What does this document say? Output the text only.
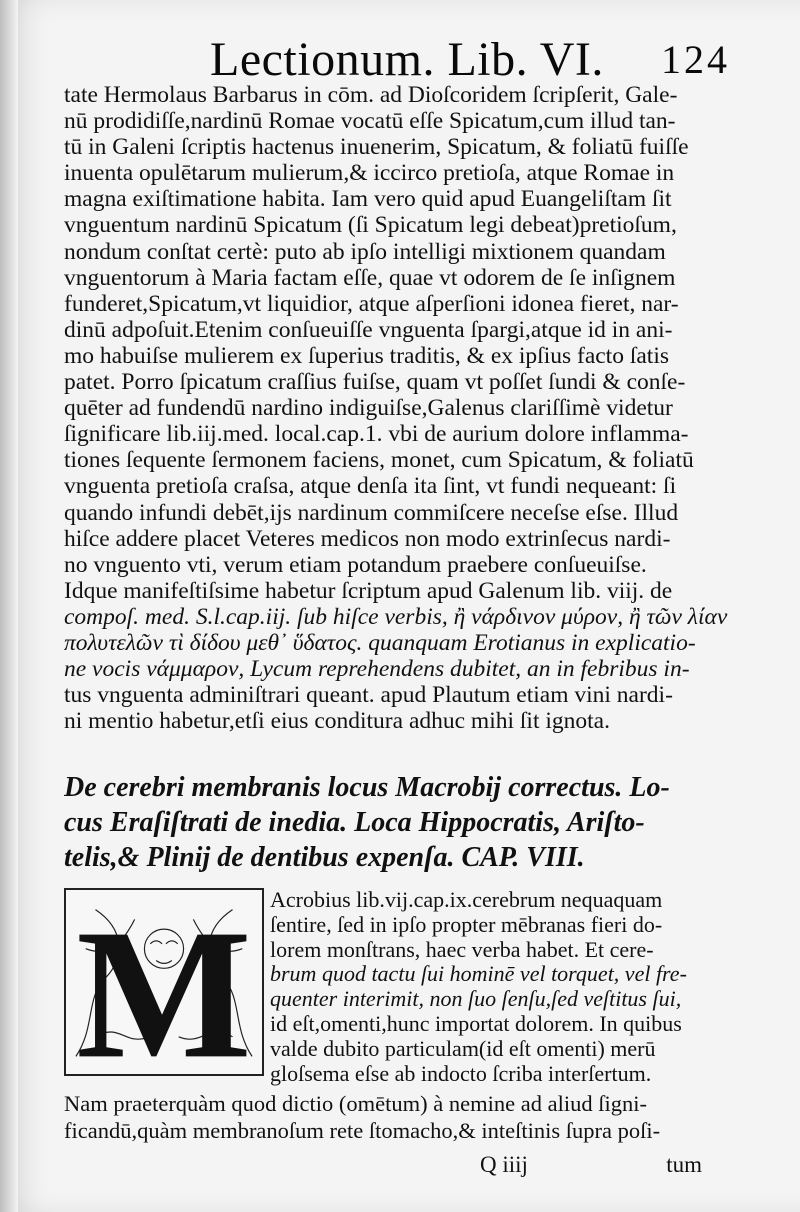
Lectionum. Lib. VI. 124
tate Hermolaus Barbarus in cōm. ad Dioſcoridem ſcripſerit, Gale-
nū prodidiſſe,nardinū Romae vocatū eſſe Spicatum,cum illud tan-
tū in Galeni ſcriptis hactenus inuenerim, Spicatum, & foliatū fuiſſe
inuenta opulētarum mulierum,& iccirco pretioſa, atque Romae in
magna exiſtimatione habita. Iam vero quid apud Euangeliſtam ſit
vnguentum nardinū Spicatum (ſi Spicatum legi debeat)pretioſum,
nondum conſtat certè: puto ab ipſo intelligi mixtionem quandam
vnguentorum à Maria factam eſſe, quae vt odorem de ſe inſignem
funderet,Spicatum,vt liquidior, atque aſperſioni idonea fieret, nar-
dinū adpoſuit.Etenim conſueuiſſe vnguenta ſpargi,atque id in ani-
mo habuiſse mulierem ex ſuperius traditis, & ex ipſius facto ſatis
patet. Porro ſpicatum craſſius fuiſse, quam vt poſſet ſundi & conſe-
quēter ad fundendū nardino indiguiſse,Galenus clariſſimè videtur
ſignificare lib.iij.med. local.cap.1. vbi de aurium dolore inflamma-
tiones ſequente ſermonem faciens, monet, cum Spicatum, & foliatū
vnguenta pretioſa craſsa, atque denſa ita ſint, vt fundi nequeant: ſi
quando infundi debēt,ijs nardinum commiſcere neceſse eſse. Illud
hiſce addere placet Veteres medicos non modo extrinſecus nardi-
no vnguento vti, verum etiam potandum praebere conſueuiſse.
Idque manifeſtiſsime habetur ſcriptum apud Galenum lib. viij. de
compoſ. med. S.l.cap.iij. ſub hiſce verbis, ἢ νάρδινον μύρον, ἢ τῶν λίαν
πολυτελῶν τὶ δίδου μεθ᾿ ὕδατος. quanquam Erotianus in explicatio-
ne vocis νάμμαρον, Lycum reprehendens dubitet, an in febribus in-
tus vnguenta adminiſtrari queant. apud Plautum etiam vini nardi-
ni mentio habetur,etſi eius conditura adhuc mihi ſit ignota.
De cerebri membranis locus Macrobij correctus. Lo-
cus Eraſiſtrati de inedia. Loca Hippocratis, Ariſto-
telis,& Plinij de dentibus expenſa. CAP. VIII.
M Acrobius lib.vij.cap.ix.cerebrum nequaquam
ſentire, ſed in ipſo propter mēbranas fieri do-
lorem monſtrans, haec verba habet. Et cere-
brum quod tactu ſui hominē vel torquet, vel fre-
quenter interimit, non ſuo ſenſu,ſed veſtitus ſui,
id eſt,omenti,hunc importat dolorem. In quibus
valde dubito particulam(id eſt omenti) merū
gloſsema eſse ab indocto ſcriba interſertum.
Nam praeterquàm quod dictio (omētum) à nemine ad aliud ſigni-
ficandū,quàm membranoſum rete ſtomacho,& inteſtinis ſupra poſi-
Q iiij	tum
